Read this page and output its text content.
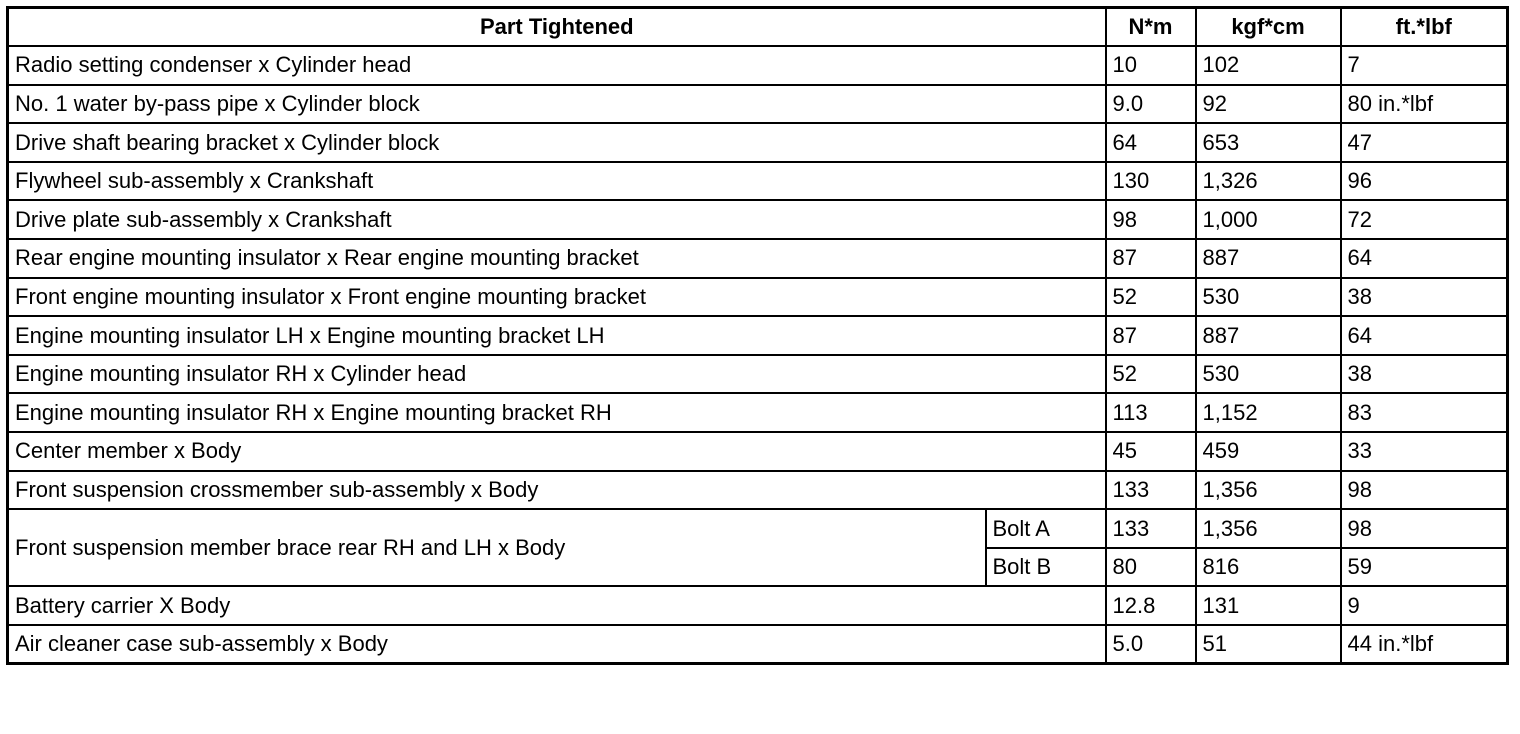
Part Tightened		N*m	kgf*cm	ft.*lbf
Radio setting condenser x Cylinder head		10	102	7
No. 1 water by-pass pipe x Cylinder block		9.0	92	80 in.*lbf
Drive shaft bearing bracket x Cylinder block		64	653	47
Flywheel sub-assembly x Crankshaft		130	1,326	96
Drive plate sub-assembly x Crankshaft		98	1,000	72
Rear engine mounting insulator x Rear engine mounting bracket		87	887	64
Front engine mounting insulator x Front engine mounting bracket		52	530	38
Engine mounting insulator LH x Engine mounting bracket LH		87	887	64
Engine mounting insulator RH x Cylinder head		52	530	38
Engine mounting insulator RH x Engine mounting bracket RH		113	1,152	83
Center member x Body		45	459	33
Front suspension crossmember sub-assembly x Body		133	1,356	98
Front suspension member brace rear RH and LH x Body	Bolt A	133	1,356	98
	Bolt B	80	816	59
Battery carrier X Body		12.8	131	9
Air cleaner case sub-assembly x Body		5.0	51	44 in.*lbf
